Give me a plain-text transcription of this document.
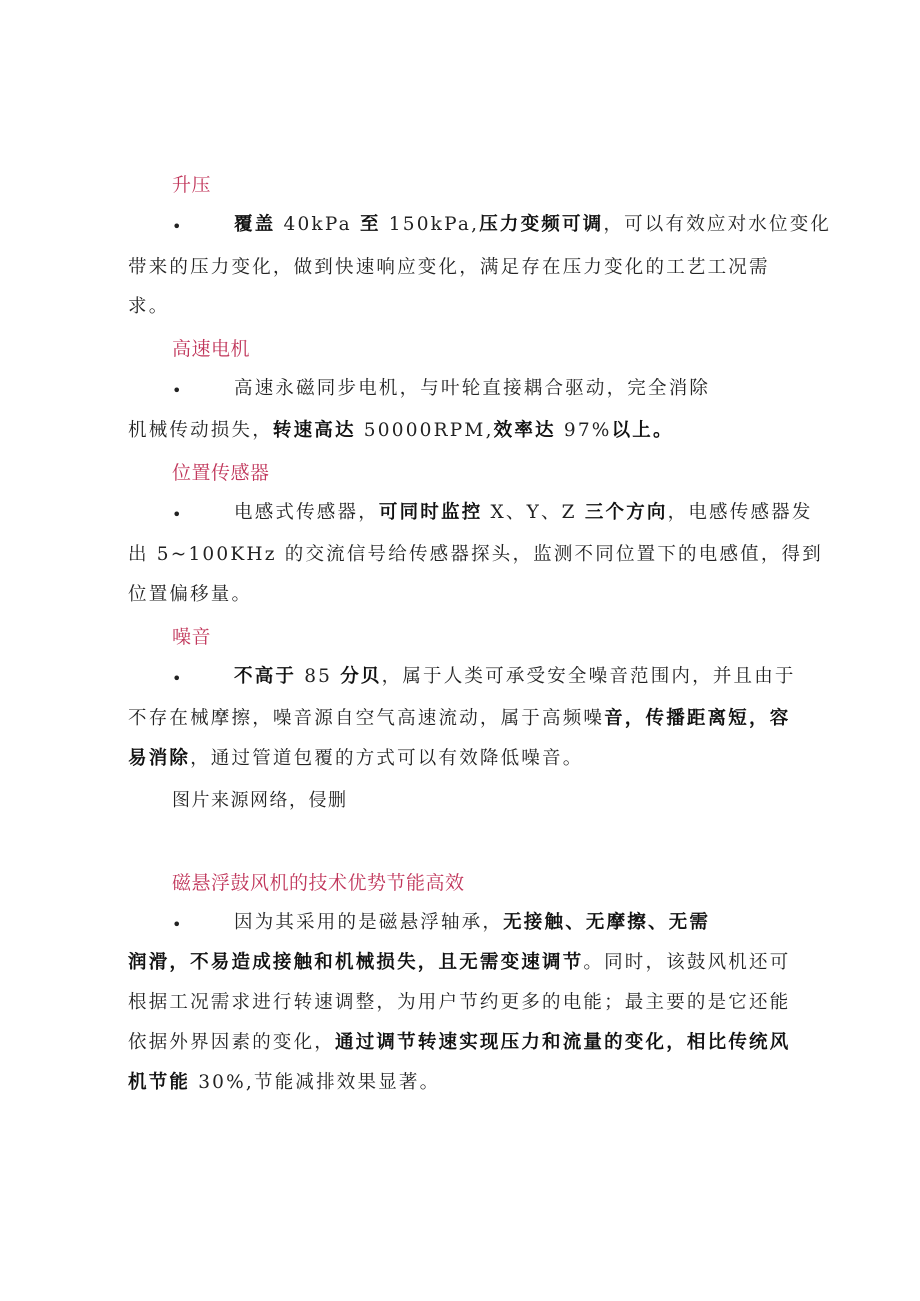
升压
•	覆盖 40kPa 至 150kPa,压力变频可调，可以有效应对水位变化
带来的压力变化，做到快速响应变化，满足存在压力变化的工艺工况需
求。
高速电机
•	高速永磁同步电机，与叶轮直接耦合驱动，完全消除
机械传动损失，转速高达 50000RPM,效率达 97%以上。
位置传感器
•	电感式传感器，可同时监控 X、Y、Z 三个方向，电感传感器发
出 5~100KHz 的交流信号给传感器探头，监测不同位置下的电感值，得到
位置偏移量。
噪音
•	不高于 85 分贝，属于人类可承受安全噪音范围内，并且由于
不存在械摩擦，噪音源自空气高速流动，属于高频噪音，传播距离短，容
易消除，通过管道包覆的方式可以有效降低噪音。
图片来源网络，侵删
磁悬浮鼓风机的技术优势节能高效
•	因为其采用的是磁悬浮轴承，无接触、无摩擦、无需
润滑，不易造成接触和机械损失，且无需变速调节。同时，该鼓风机还可
根据工况需求进行转速调整，为用户节约更多的电能；最主要的是它还能
依据外界因素的变化，通过调节转速实现压力和流量的变化，相比传统风
机节能 30%,节能减排效果显著。
